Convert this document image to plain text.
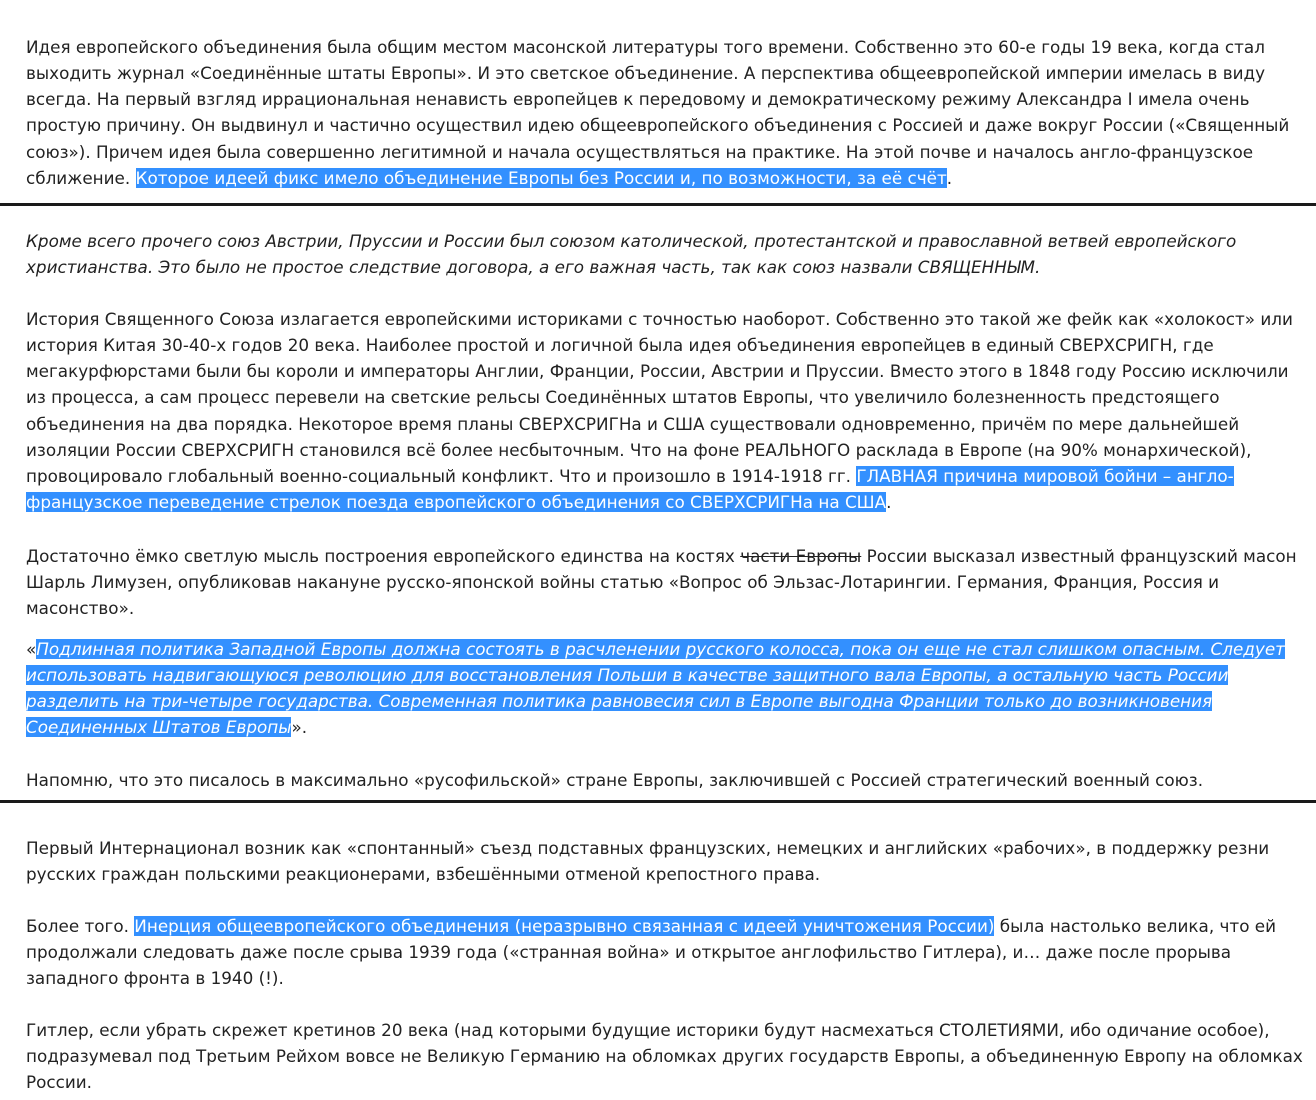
Идея европейского объединения была общим местом масонской литературы того времени. Собственно это 60-е годы 19 века, когда стал выходить журнал «Соединённые штаты Европы». И это светское объединение. А перспектива общеевропейской империи имелась в виду всегда. На первый взгляд иррациональная ненависть европейцев к передовому и демократическому режиму Александра I имела очень простую причину. Он выдвинул и частично осуществил идею общеевропейского объединения с Россией и даже вокруг России («Священный союз»). Причем идея была совершенно легитимной и начала осуществляться на практике. На этой почве и началось англо-французское сближение. Которое идеей фикс имело объединение Европы без России и, по возможности, за её счёт.

Кроме всего прочего союз Австрии, Пруссии и России был союзом католической, протестантской и православной ветвей европейского христианства. Это было не простое следствие договора, а его важная часть, так как союз назвали СВЯЩЕННЫМ.

История Священного Союза излагается европейскими историками с точностью наоборот. Собственно это такой же фейк как «холокост» или история Китая 30-40-х годов 20 века. Наиболее простой и логичной была идея объединения европейцев в единый СВЕРХСРИГН, где мегакурфюрстами были бы короли и императоры Англии, Франции, России, Австрии и Пруссии. Вместо этого в 1848 году Россию исключили из процесса, а сам процесс перевели на светские рельсы Соединённых штатов Европы, что увеличило болезненность предстоящего объединения на два порядка. Некоторое время планы СВЕРХСРИГНа и США существовали одновременно, причём по мере дальнейшей изоляции России СВЕРХСРИГН становился всё более несбыточным. Что на фоне РЕАЛЬНОГО расклада в Европе (на 90% монархической), провоцировало глобальный военно-социальный конфликт. Что и произошло в 1914-1918 гг. ГЛАВНАЯ причина мировой бойни – англо-французское переведение стрелок поезда европейского объединения со СВЕРХСРИГНа на США.

Достаточно ёмко светлую мысль построения европейского единства на костях части Европы России высказал известный французский масон Шарль Лимузен, опубликовав накануне русско-японской войны статью «Вопрос об Эльзас-Лотарингии. Германия, Франция, Россия и масонство».

«Подлинная политика Западной Европы должна состоять в расчленении русского колосса, пока он еще не стал слишком опасным. Следует использовать надвигающуюся революцию для восстановления Польши в качестве защитного вала Европы, а остальную часть России разделить на три-четыре государства. Современная политика равновесия сил в Европе выгодна Франции только до возникновения Соединенных Штатов Европы».

Напомню, что это писалось в максимально «русофильской» стране Европы, заключившей с Россией стратегический военный союз.

Первый Интернационал возник как «спонтанный» съезд подставных французских, немецких и английских «рабочих», в поддержку резни русских граждан польскими реакционерами, взбешёнными отменой крепостного права.

Более того. Инерция общеевропейского объединения (неразрывно связанная с идеей уничтожения России) была настолько велика, что ей продолжали следовать даже после срыва 1939 года («странная война» и открытое англофильство Гитлера), и… даже после прорыва западного фронта в 1940 (!).

Гитлер, если убрать скрежет кретинов 20 века (над которыми будущие историки будут насмехаться СТОЛЕТИЯМИ, ибо одичание особое), подразумевал под Третьим Рейхом вовсе не Великую Германию на обломках других государств Европы, а объединенную Европу на обломках России.
